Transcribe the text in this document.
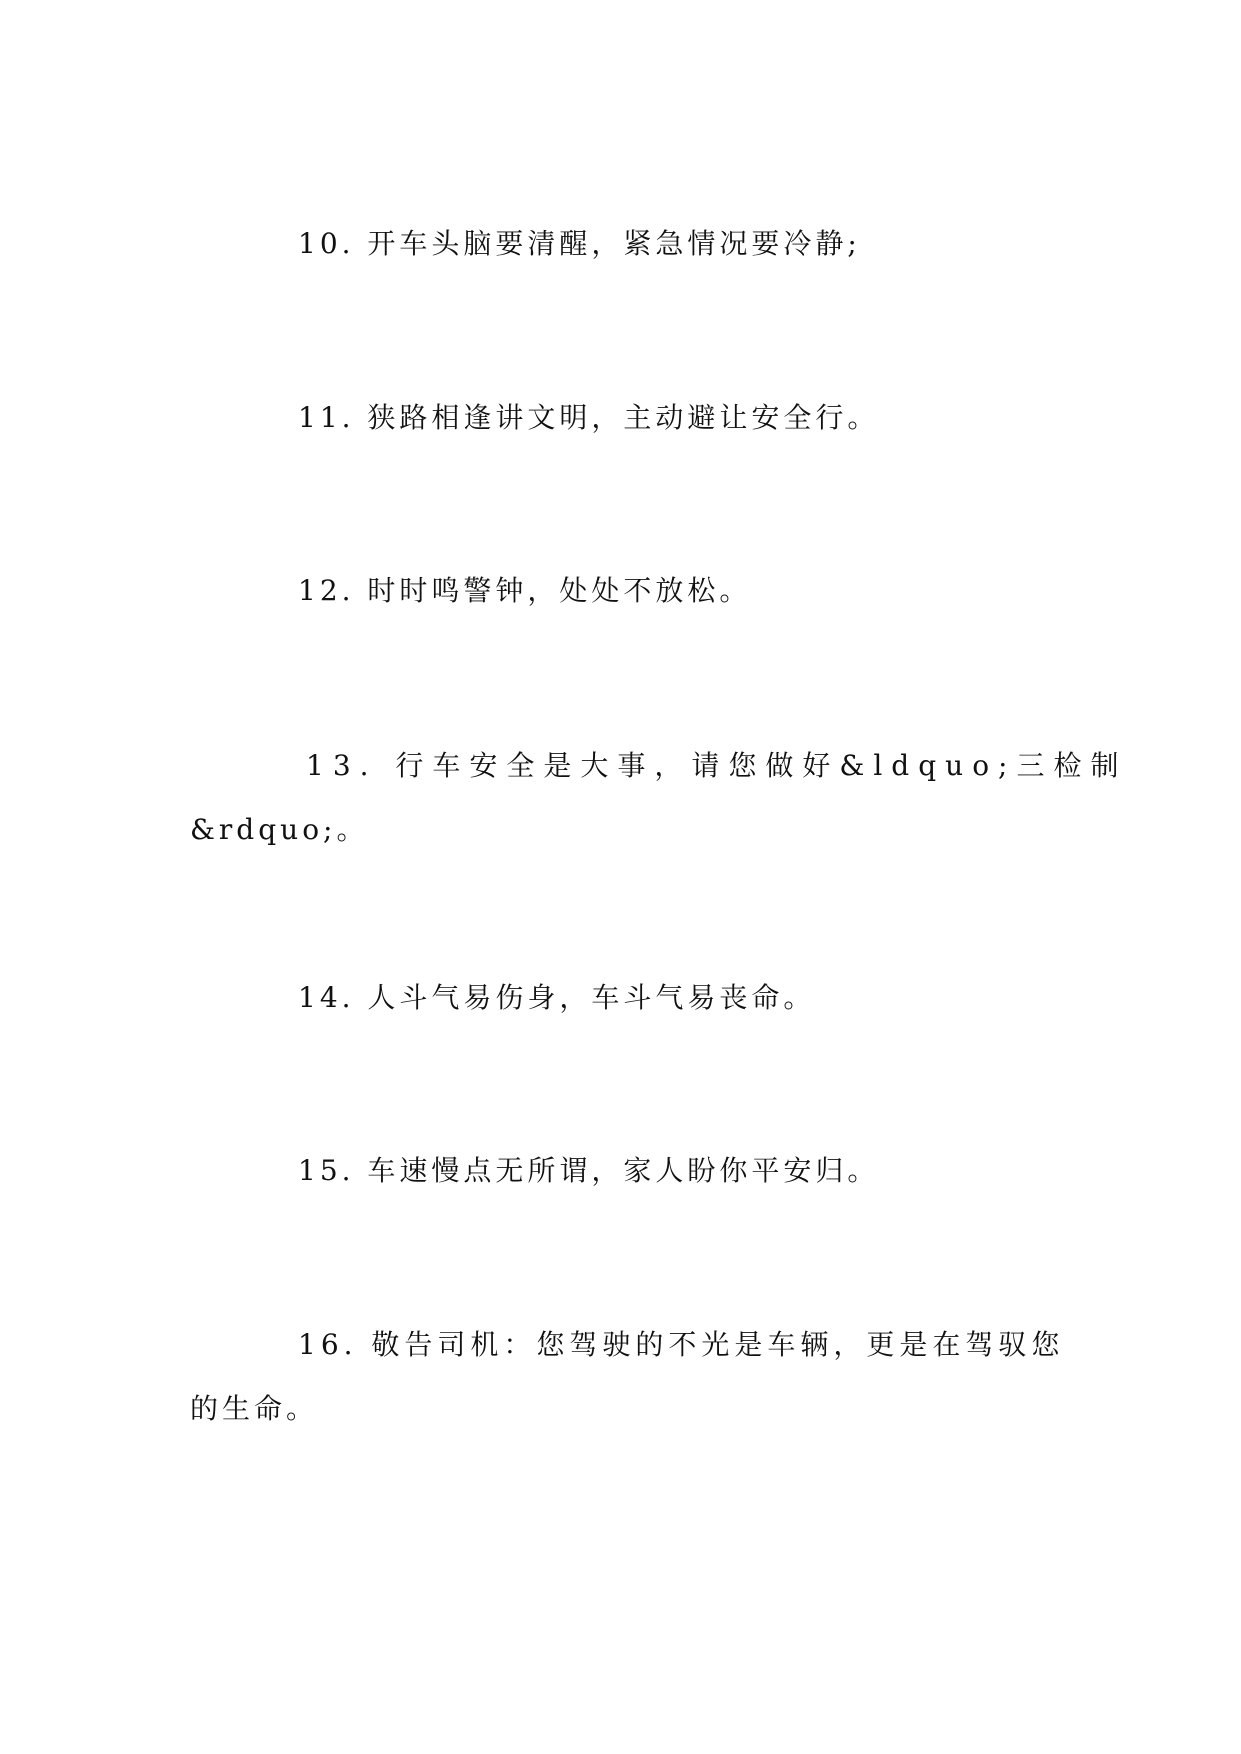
10. 开车头脑要清醒，紧急情况要冷静;

11. 狭路相逢讲文明，主动避让安全行。

12. 时时鸣警钟，处处不放松。

13. 行车安全是大事，请您做好&ldquo;三检制
&rdquo;。

14. 人斗气易伤身，车斗气易丧命。

15. 车速慢点无所谓，家人盼你平安归。

16. 敬告司机：您驾驶的不光是车辆，更是在驾驭您
的生命。
